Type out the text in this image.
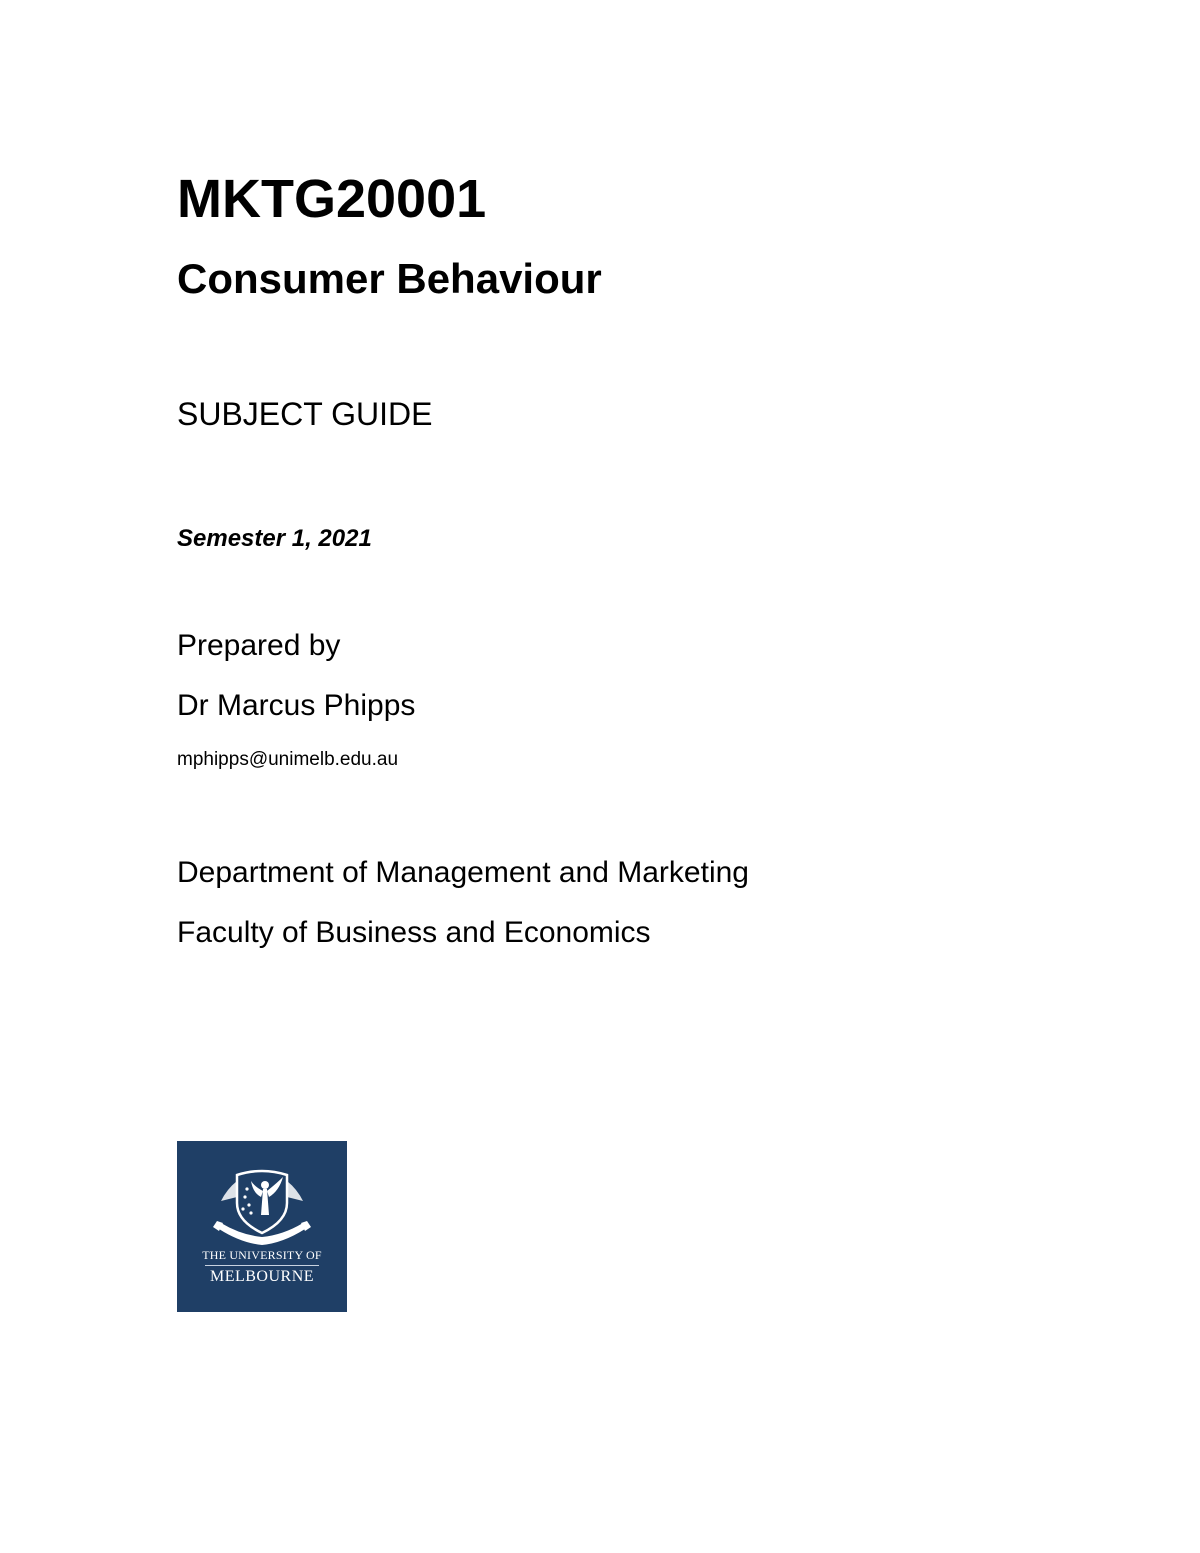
MKTG20001
Consumer Behaviour
SUBJECT GUIDE
Semester 1, 2021
Prepared by
Dr Marcus Phipps
mphipps@unimelb.edu.au
Department of Management and Marketing
Faculty of Business and Economics
THE UNIVERSITY OF
MELBOURNE
